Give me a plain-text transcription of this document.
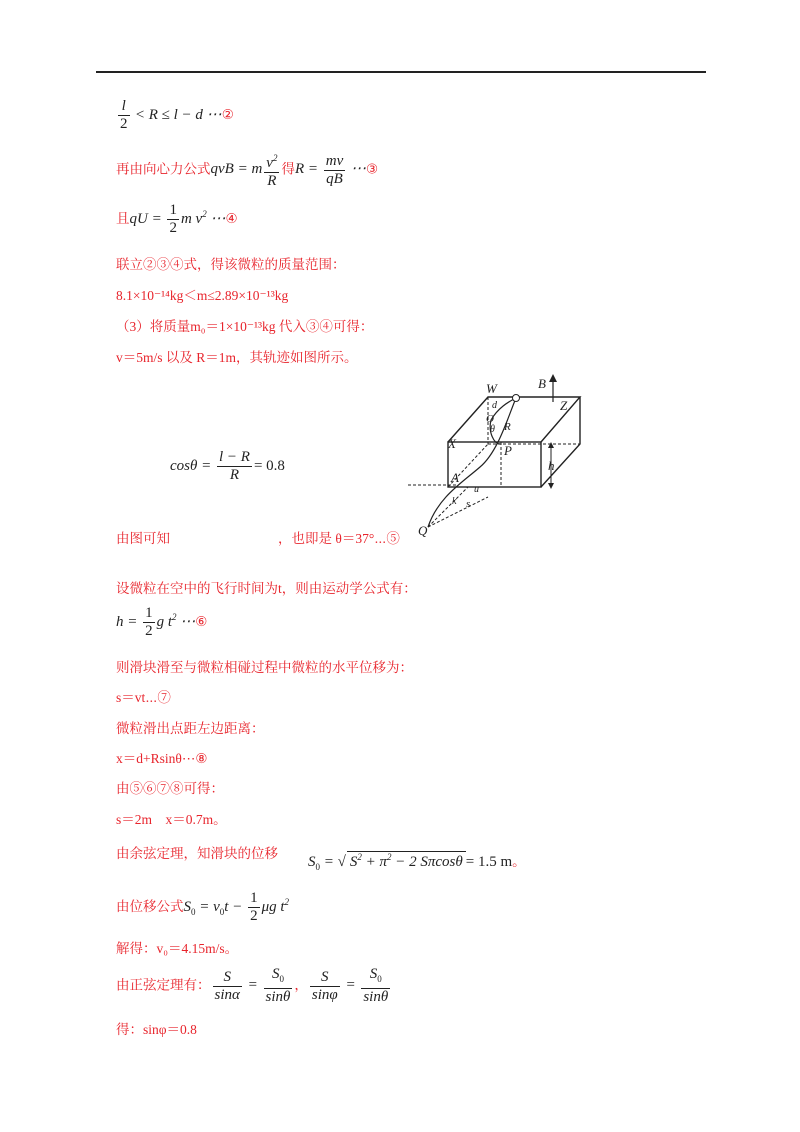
$\frac{l}{2} < R \le l - d$ ⋯②
再由向心力公式qvB = m $\frac{v^2}{R}$ 得$R = \frac{mv}{qB}$ ⋯③
且qU = $\frac{1}{2}$ m $v^2$ ⋯④
联立②③④式，得该微粒的质量范围：
8.1×10⁻¹⁴kg＜m≤2.89×10⁻¹³kg
（3）将质量m₀＝1×10⁻¹³kg 代入③④可得：
v＝5m/s 以及 R＝1m，其轨迹如图所示。
$\cos\theta = \frac{l - R}{R} = 0.8$
W	B
Z
X	P
h
A
Q
O
R
θ
d
s
k
u
由图可知	，也即是 θ＝37°⋯⑤
设微粒在空中的飞行时间为t，则由运动学公式有：
$h = \frac{1}{2}$ g $t^2$ ⋯⑥
则滑块滑至与微粒相碰过程中微粒的水平位移为：
s＝vt⋯⑦
微粒滑出点距左边距离：
x＝d+Rsinθ⋯⑧
由⑤⑥⑦⑧可得：
s＝2m    x＝0.7m。
由余弦定理，知滑块的位移$S_0$ = √ $S^2 + \pi^2 - 2$ Sπcosθ = 1.5 m。
由位移公式$S_0 = v_0t - \frac{1}{2}$ μg $t^2$
解得：v₀＝4.15m/s。
由正弦定理有： $\frac{S}{\sin\alpha} = \frac{S_0}{\sin\theta}$ ， $\frac{S}{\sin\varphi} = \frac{S_0}{\sin\theta}$
得：sinφ＝0.8
